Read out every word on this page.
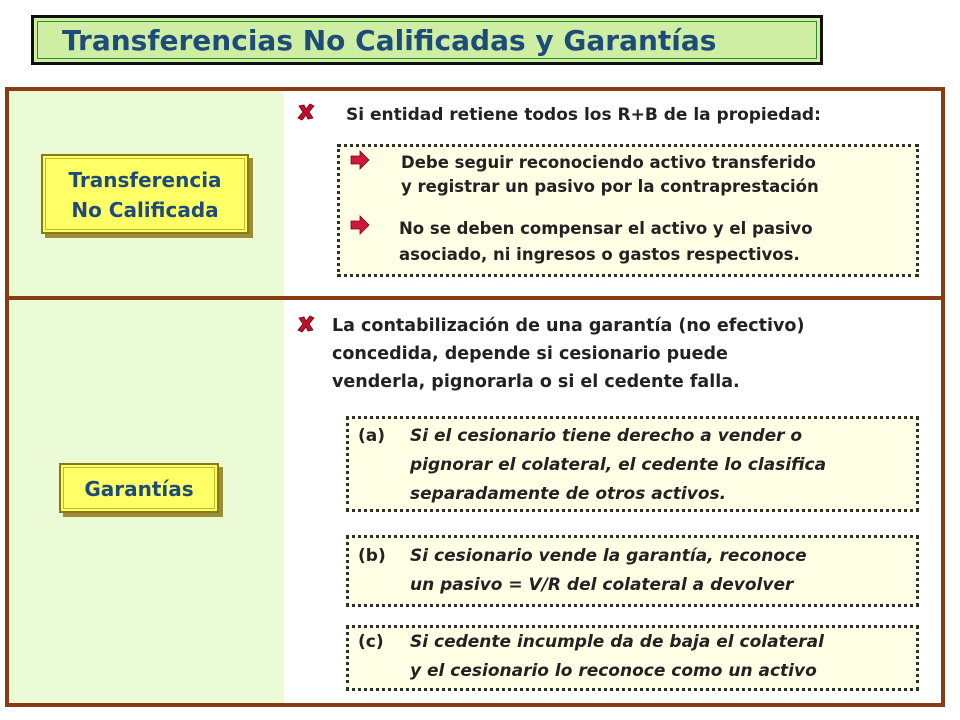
Transferencias No Calificadas y Garantías
Transferencia
No Calificada
Si entidad retiene todos los R+B de la propiedad:
Debe seguir reconociendo activo transferido
y registrar un pasivo por la contraprestación
No se deben compensar el activo y el pasivo
asociado, ni ingresos o gastos respectivos.
Garantías
La contabilización de una garantía (no efectivo)
concedida, depende si cesionario puede
venderla, pignorarla o si el cedente falla.
(a) Si el cesionario tiene derecho a vender o
pignorar el colateral, el cedente lo clasifica
separadamente de otros activos.
(b) Si cesionario vende la garantía, reconoce
un pasivo = V/R del colateral a devolver
(c) Si cedente incumple da de baja el colateral
y el cesionario lo reconoce como un activo
